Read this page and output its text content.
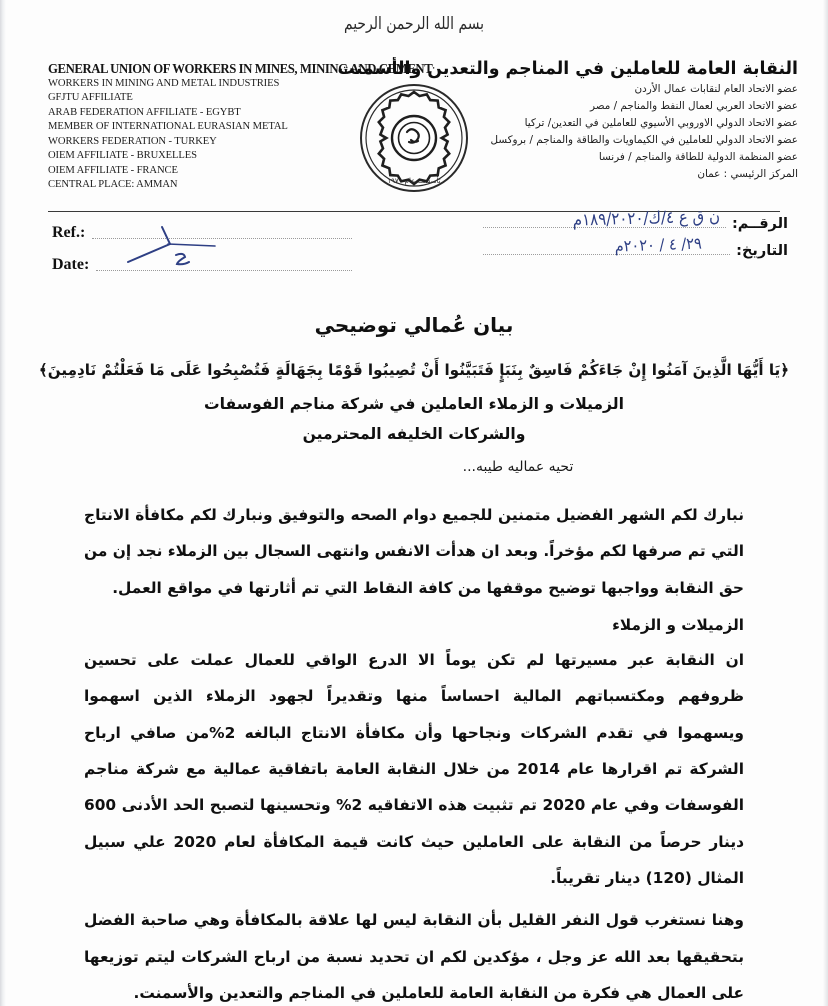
بسم الله الرحمن الرحيم
GENERAL UNION OF WORKERS IN MINES, MINING AND CEMENT
WORKERS IN MINING AND METAL INDUSTRIES
GFJTU AFFILIATE
ARAB FEDERATION AFFILIATE - EGYBT
MEMBER OF INTERNATIONAL EURASIAN METAL
WORKERS FEDERATION - TURKEY
OIEM AFFILIATE - BRUXELLES
OIEM AFFILIATE - FRANCE
CENTRAL PLACE: AMMAN
النقابة العامة للعاملين في المناجم والتعدين والأسمنت
عضو الاتحاد العام لنقابات عمال الأردن
عضو الاتحاد العربي لعمال النفط والمناجم / مصر
عضو الاتحاد الدولي الاوروبي الأسيوي للعاملين في التعدين/ تركيا
عضو الاتحاد الدولي للعاملين في الكيماويات والطاقة والمناجم / بروكسل
عضو المنظمة الدولية للطاقة والمناجم / فرنسا
المركز الرئيسي : عمان
تأسست عام ١٩٧٠
Ref.:
Date:
الرقــم:
ن ق ع ٤/ك/١٨٩/٢٠٢٠م
التاريخ:
٢٩/ ٤ / ٢٠٢٠م
بيان عُمالي توضيحي
﴿يَا أَيُّهَا الَّذِينَ آمَنُوا إِنْ جَاءَكُمْ فَاسِقٌ بِنَبَإٍ فَتَبَيَّنُوا أَنْ تُصِيبُوا قَوْمًا بِجَهَالَةٍ فَتُصْبِحُوا عَلَى مَا فَعَلْتُمْ نَادِمِينَ﴾
الزميلات و الزملاء العاملين في شركة مناجم الفوسفات
والشركات الخليفه المحترمين
تحيه عماليه طيبه...

نبارك لكم الشهر الفضيل متمنين للجميع دوام الصحه والتوفيق ونبارك لكم مكافأة الانتاج التي تم صرفها لكم مؤخراً. وبعد ان هدأت الانفس وانتهى السجال بين الزملاء نجد إن من حق النقابة وواجبها توضيح موقفها من كافة النقاط التي تم أثارتها في مواقع العمل.

الزميلات و الزملاء

ان النقابة عبر مسيرتها لم تكن يوماً الا الدرع الواقي للعمال عملت على تحسين ظروفهم ومكتسباتهم المالية احساساً منها وتقديراً لجهود الزملاء الذين اسهموا ويسهموا في تقدم الشركات ونجاحها وأن مكافأة الانتاج البالغه 2%من صافي ارباح الشركة تم اقرارها عام 2014 من خلال النقابة العامة باتفاقية عمالية مع شركة مناجم الفوسفات وفي عام 2020 تم تثبيت هذه الاتفاقيه 2% وتحسينها لتصبح الحد الأدنى 600 دينار حرصاً من النقابة على العاملين حيث كانت قيمة المكافأة لعام 2020 علي سبيل المثال (120) دينار تقريباً.

وهنا نستغرب قول النفر القليل بأن النقابة ليس لها علاقة بالمكافأة وهي صاحبة الفضل بتحقيقها بعد الله عز وجل ، مؤكدين لكم ان تحديد نسبة من ارباح الشركات ليتم توزيعها على العمال هي فكرة من النقابة العامة للعاملين في المناجم والتعدين والأسمنت.
